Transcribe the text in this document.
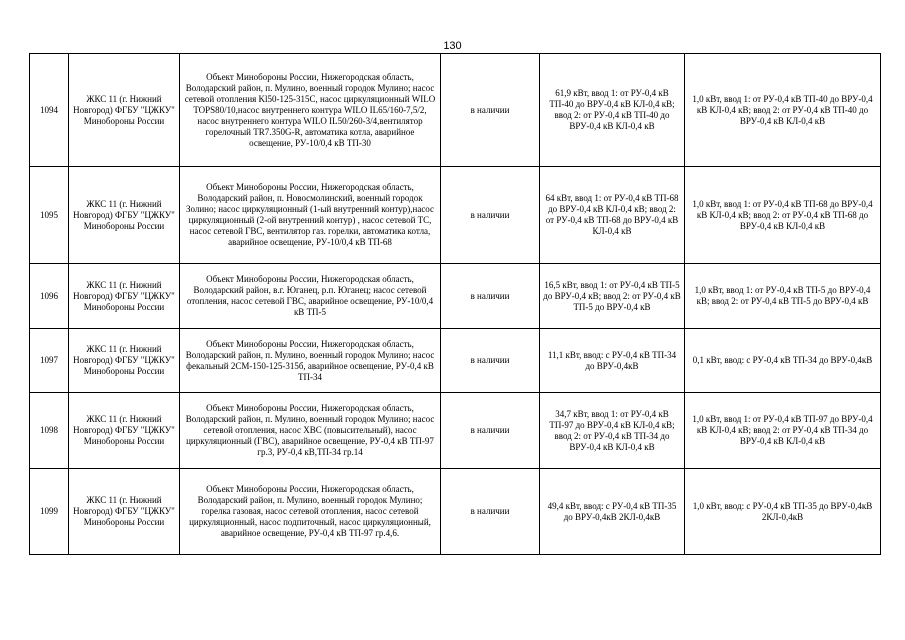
130
1094	ЖКС 11 (г. Нижний Новгород) ФГБУ "ЦЖКУ" Минобороны России	Объект Минобороны России, Нижегородская область, Володарский район, п. Мулино, военный городок Мулино; насос сетевой отопления Kl50-125-315C, насос циркуляционный WILO TOPS80/10,насос внутреннего контура WILO IL65/160-7,5/2, насос внутреннего контура WILO IL50/260-3/4,вентилятор горелочный TR7.350G-R, автоматика котла, аварийное освещение, РУ-10/0,4 кВ ТП-30	в наличии	61,9 кВт, ввод 1: от РУ-0,4 кВ ТП-40 до ВРУ-0,4 кВ КЛ-0,4 кВ; ввод 2: от РУ-0,4 кВ ТП-40 до ВРУ-0,4 кВ КЛ-0,4 кВ	1,0 кВт, ввод 1: от РУ-0,4 кВ ТП-40 до ВРУ-0,4 кВ КЛ-0,4 кВ; ввод 2: от РУ-0,4 кВ ТП-40 до ВРУ-0,4 кВ КЛ-0,4 кВ
1095	ЖКС 11 (г. Нижний Новгород) ФГБУ "ЦЖКУ" Минобороны России	Объект Минобороны России, Нижегородская область, Володарский район, п. Новосмолинский, военный городок Золино; насос циркуляционный (1-ый внутренний контур),насос циркуляционный (2-ой внутренний контур) , насос сетевой ТС, насос сетевой ГВС, вентилятор газ. горелки, автоматика котла, аварийное освещение, РУ-10/0,4 кВ ТП-68	в наличии	64 кВт, ввод 1: от РУ-0,4 кВ ТП-68 до ВРУ-0,4 кВ КЛ-0,4 кВ; ввод 2: от РУ-0,4 кВ ТП-68 до ВРУ-0,4 кВ КЛ-0,4 кВ	1,0 кВт, ввод 1: от РУ-0,4 кВ ТП-68 до ВРУ-0,4 кВ КЛ-0,4 кВ; ввод 2: от РУ-0,4 кВ ТП-68 до ВРУ-0,4 кВ КЛ-0,4 кВ
1096	ЖКС 11 (г. Нижний Новгород) ФГБУ "ЦЖКУ" Минобороны России	Объект Минобороны России, Нижегородская область, Володарский район, в.г. Юганец, р.п. Юганец; насос сетевой отопления, насос сетевой ГВС, аварийное освещение, РУ-10/0,4 кВ ТП-5	в наличии	16,5 кВт, ввод 1: от РУ-0,4 кВ ТП-5 до ВРУ-0,4 кВ; ввод 2: от РУ-0,4 кВ ТП-5 до ВРУ-0,4 кВ	1,0 кВт, ввод 1: от РУ-0,4 кВ ТП-5 до ВРУ-0,4 кВ; ввод 2: от РУ-0,4 кВ ТП-5 до ВРУ-0,4 кВ
1097	ЖКС 11 (г. Нижний Новгород) ФГБУ "ЦЖКУ" Минобороны России	Объект Минобороны России, Нижегородская область, Володарский район, п. Мулино, военный городок Мулино; насос фекальный 2СМ-150-125-315б, аварийное освещение, РУ-0,4 кВ ТП-34	в наличии	11,1 кВт, ввод: с РУ-0,4 кВ ТП-34 до ВРУ-0,4кВ	0,1 кВт, ввод: с РУ-0,4 кВ ТП-34 до ВРУ-0,4кВ
1098	ЖКС 11 (г. Нижний Новгород) ФГБУ "ЦЖКУ" Минобороны России	Объект Минобороны России, Нижегородская область, Володарский район, п. Мулино, военный городок Мулино; насос сетевой отопления, насос ХВС (повысительный), насос циркуляционный (ГВС), аварийное освещение, РУ-0,4 кВ ТП-97 гр.3, РУ-0,4 кВ,ТП-34 гр.14	в наличии	34,7 кВт, ввод 1: от РУ-0,4 кВ ТП-97 до ВРУ-0,4 кВ КЛ-0,4 кВ; ввод 2: от РУ-0,4 кВ ТП-34 до ВРУ-0,4 кВ КЛ-0,4 кВ	1,0 кВт, ввод 1: от РУ-0,4 кВ ТП-97 до ВРУ-0,4 кВ КЛ-0,4 кВ; ввод 2: от РУ-0,4 кВ ТП-34 до ВРУ-0,4 кВ КЛ-0,4 кВ
1099	ЖКС 11 (г. Нижний Новгород) ФГБУ "ЦЖКУ" Минобороны России	Объект Минобороны России, Нижегородская область, Володарский район, п. Мулино, военный городок Мулино; горелка газовая, насос сетевой отопления, насос сетевой циркуляционный, насос подпиточный, насос циркуляционный, аварийное освещение, РУ-0,4 кВ ТП-97 гр.4,6.	в наличии	49,4 кВт, ввод: с РУ-0,4 кВ ТП-35 до ВРУ-0,4кВ 2КЛ-0,4кВ	1,0 кВт, ввод: с РУ-0,4 кВ ТП-35 до ВРУ-0,4кВ 2КЛ-0,4кВ
